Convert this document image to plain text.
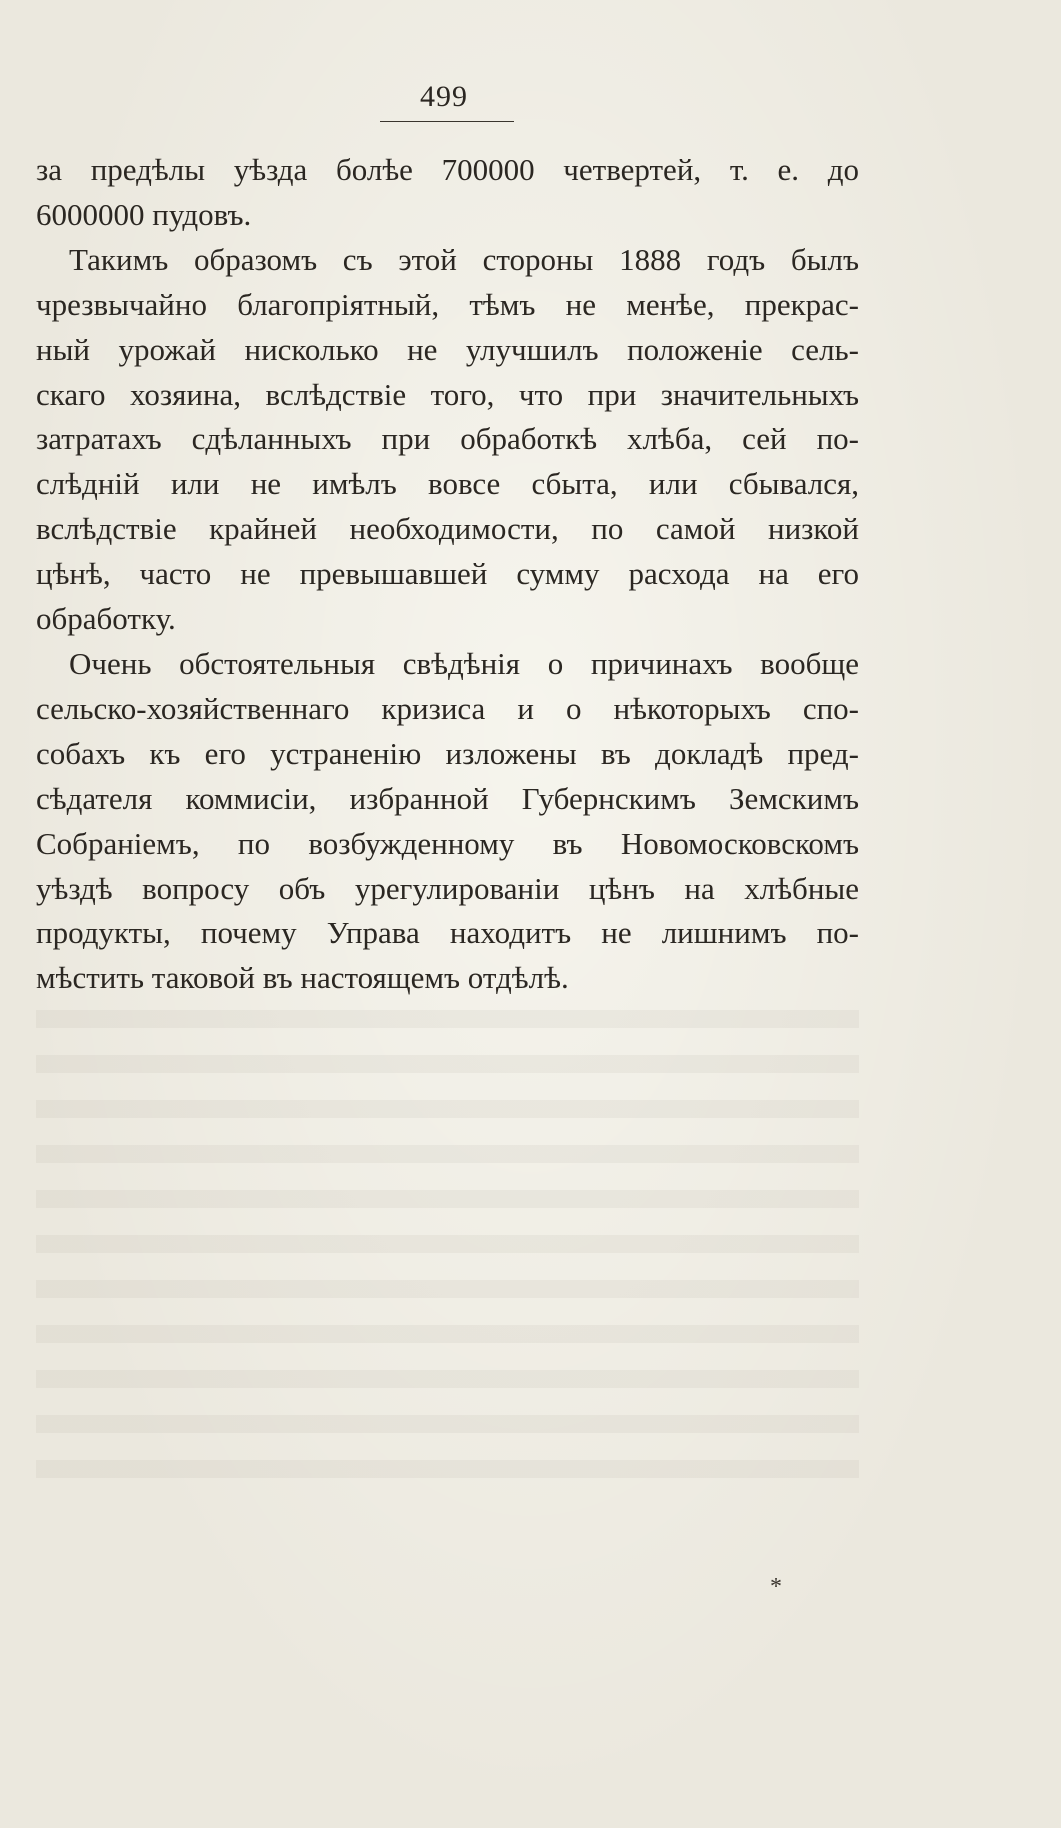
499
за предѣлы уѣзда болѣе 700000 четвертей, т. е. до
6000000 пудовъ.
Такимъ образомъ съ этой стороны 1888 годъ былъ
чрезвычайно благопріятный, тѣмъ не менѣе, прекрас-
ный урожай нисколько не улучшилъ положеніе сель-
скаго хозяина, вслѣдствіе того, что при значительныхъ
затратахъ сдѣланныхъ при обработкѣ хлѣба, сей по-
слѣдній или не имѣлъ вовсе сбыта, или сбывался,
вслѣдствіе крайней необходимости, по самой низкой
цѣнѣ, часто не превышавшей сумму расхода на его
обработку.
Очень обстоятельныя свѣдѣнія о причинахъ вообще
сельско-хозяйственнаго кризиса и о нѣкоторыхъ спо-
собахъ къ его устраненію изложены въ докладѣ пред-
сѣдателя коммисіи, избранной Губернскимъ Земскимъ
Собраніемъ, по возбужденному въ Новомосковскомъ
уѣздѣ вопросу объ урегулированіи цѣнъ на хлѣбные
продукты, почему Управа находитъ не лишнимъ по-
мѣстить таковой въ настоящемъ отдѣлѣ.
*
